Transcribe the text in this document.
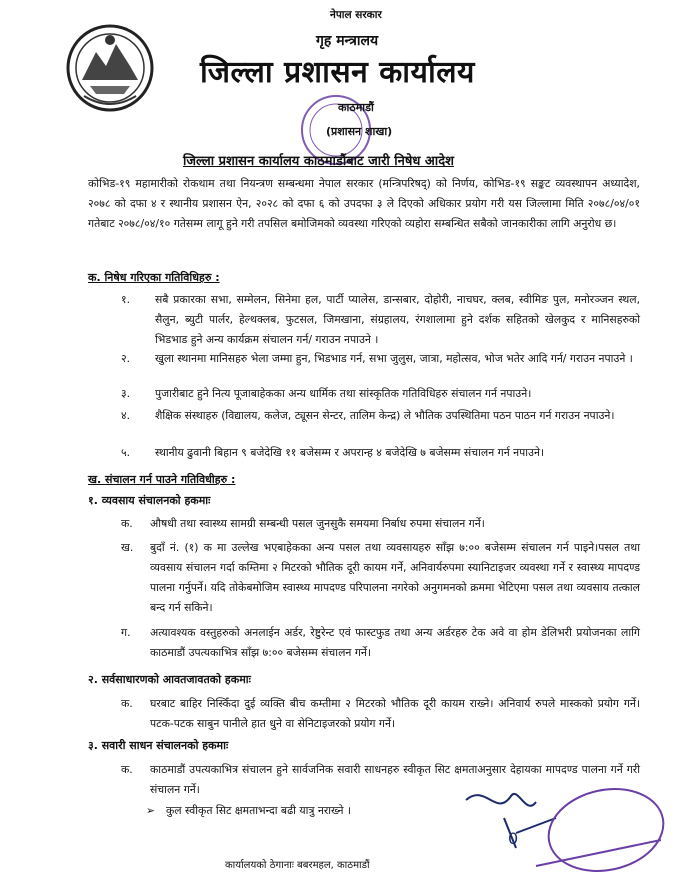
नेपाल सरकार
गृह मन्त्रालय
जिल्ला प्रशासन कार्यालय
काठमाडौं
(प्रशासन शाखा)
जिल्ला प्रशासन कार्यालय काठमाडौंबाट जारी निषेध आदेश
कोभिड-१९ महामारीको रोकथाम तथा नियन्त्रण सम्बन्धमा नेपाल सरकार (मन्त्रिपरिषद्) को निर्णय, कोभिड-१९ सङ्कट व्यवस्थापन अध्यादेश, २०७८ को दफा ४ र स्थानीय प्रशासन ऐन, २०२८ को दफा ६ को उपदफा ३ ले दिएको अधिकार प्रयोग गरी यस जिल्लामा मिति २०७८/०४/०१ गतेबाट २०७८/०४/१० गतेसम्म लागू हुने गरी तपसिल बमोजिमको व्यवस्था गरिएको व्यहोरा सम्बन्धित सबैको जानकारीका लागि अनुरोध छ।
क. निषेध गरिएका गतिविधिहरु :
१. सबै प्रकारका सभा, सम्मेलन, सिनेमा हल, पार्टी प्यालेस, डान्सबार, दोहोरी, नाचघर, क्लब, स्वीमिङ पुल, मनोरञ्जन स्थल, सैलुन, ब्युटी पार्लर, हेल्थक्लब, फुटसल, जिमखाना, संग्रहालय, रंगशालामा हुने दर्शक सहितको खेलकुद र मानिसहरुको भिडभाड हुने अन्य कार्यक्रम संचालन गर्न/ गराउन नपाउने ।
२. खुला स्थानमा मानिसहरु भेला जम्मा हुन, भिडभाड गर्न, सभा जुलुस, जात्रा, महोत्सव, भोज भतेर आदि गर्न/ गराउन नपाउने ।
३. पुजारीबाट हुने नित्य पूजाबाहेकका अन्य धार्मिक तथा सांस्कृतिक गतिविधिहरु संचालन गर्न नपाउने।
४. शैक्षिक संस्थाहरु (विद्यालय, कलेज, ट्यूसन सेन्टर, तालिम केन्द्र) ले भौतिक उपस्थितिमा पठन पाठन गर्न गराउन नपाउने।
५. स्थानीय ढुवानी बिहान ९ बजेदेखि ११ बजेसम्म र अपरान्ह ४ बजेदेखि ७ बजेसम्म संचालन गर्न नपाउने।
ख. संचालन गर्न पाउने गतिविधीहरु :
१. व्यवसाय संचालनको हकमाः
क. औषधी तथा स्वास्थ्य सामग्री सम्बन्धी पसल जुनसुकै समयमा निर्बाध रुपमा संचालन गर्ने।
ख. बुदाँ नं. (१) क मा उल्लेख भएबाहेकका अन्य पसल तथा व्यवसायहरु साँझ ७:०० बजेसम्म संचालन गर्न पाइने।पसल तथा व्यवसाय संचालन गर्दा कम्तिमा २ मिटरको भौतिक दूरी कायम गर्ने, अनिवार्यरुपमा स्यानिटाइजर व्यवस्था गर्ने र स्वास्थ्य मापदण्ड पालना गर्नुपर्ने। यदि तोकेबमोजिम स्वास्थ्य मापदण्ड परिपालना नगरेको अनुगमनको क्रममा भेटिएमा पसल तथा व्यवसाय तत्काल बन्द गर्न सकिने।
ग. अत्यावश्यक वस्तुहरुको अनलाईन अर्डर, रेष्टुरेन्ट एवं फास्टफुड तथा अन्य अर्डरहरु टेक अवे वा होम डेलिभरी प्रयोजनका लागि काठमाडौं उपत्यकाभित्र साँझ ७:०० बजेसम्म संचालन गर्ने।
२. सर्वसाधारणको आवतजावतको हकमाः
क. घरबाट बाहिर निस्किँदा दुई व्यक्ति बीच कम्तीमा २ मिटरको भौतिक दूरी कायम राख्ने। अनिवार्य रुपले मास्कको प्रयोग गर्ने। पटक-पटक साबुन पानीले हात धुने वा सेनिटाइजरको प्रयोग गर्ने।
३. सवारी साधन संचालनको हकमाः
क. काठमाडौं उपत्यकाभित्र संचालन हुने सार्वजनिक सवारी साधनहरु स्वीकृत सिट क्षमताअनुसार देहायका मापदण्ड पालना गर्ने गरी संचालन गर्ने।
➢ कुल स्वीकृत सिट क्षमताभन्दा बढी यात्रु नराख्ने ।
0
कार्यालयको ठेगानाः बबरमहल, काठमाडौं
